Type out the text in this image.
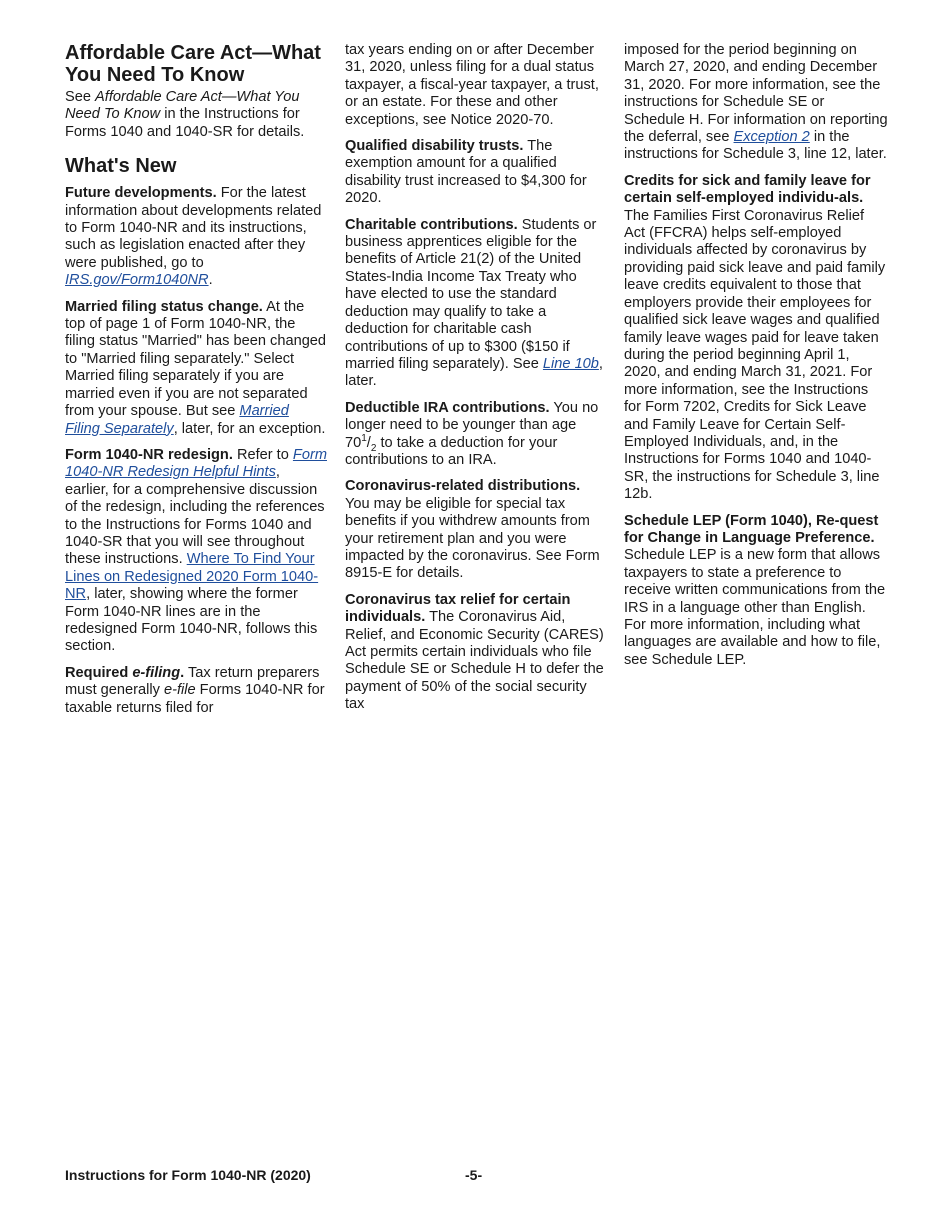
Affordable Care Act—What You Need To Know

See Affordable Care Act—What You Need To Know in the Instructions for Forms 1040 and 1040-SR for details.

What's New

Future developments. For the latest information about developments related to Form 1040-NR and its instructions, such as legislation enacted after they were published, go to IRS.gov/Form1040NR.

Married filing status change. At the top of page 1 of Form 1040-NR, the filing status "Married" has been changed to "Married filing separately." Select Married filing separately if you are married even if you are not separated from your spouse. But see Married Filing Separately, later, for an exception.

Form 1040-NR redesign. Refer to Form 1040-NR Redesign Helpful Hints, earlier, for a comprehensive discussion of the redesign, including the references to the Instructions for Forms 1040 and 1040-SR that you will see throughout these instructions. Where To Find Your Lines on Redesigned 2020 Form 1040-NR, later, showing where the former Form 1040-NR lines are in the redesigned Form 1040-NR, follows this section.

Required e-filing. Tax return preparers must generally e-file Forms 1040-NR for taxable returns filed for

tax years ending on or after December 31, 2020, unless filing for a dual status taxpayer, a fiscal-year taxpayer, a trust, or an estate. For these and other exceptions, see Notice 2020-70.

Qualified disability trusts. The exemption amount for a qualified disability trust increased to $4,300 for 2020.

Charitable contributions. Students or business apprentices eligible for the benefits of Article 21(2) of the United States-India Income Tax Treaty who have elected to use the standard deduction may qualify to take a deduction for charitable cash contributions of up to $300 ($150 if married filing separately). See Line 10b, later.

Deductible IRA contributions. You no longer need to be younger than age $70^1/_2$ to take a deduction for your contributions to an IRA.

Coronavirus-related distributions. You may be eligible for special tax benefits if you withdrew amounts from your retirement plan and you were impacted by the coronavirus. See Form 8915-E for details.

Coronavirus tax relief for certain individuals. The Coronavirus Aid, Relief, and Economic Security (CARES) Act permits certain individuals who file Schedule SE or Schedule H to defer the payment of 50% of the social security tax

imposed for the period beginning on March 27, 2020, and ending December 31, 2020. For more information, see the instructions for Schedule SE or Schedule H. For information on reporting the deferral, see Exception 2 in the instructions for Schedule 3, line 12, later.

Credits for sick and family leave for certain self-employed individu-als. The Families First Coronavirus Relief Act (FFCRA) helps self-employed individuals affected by coronavirus by providing paid sick leave and paid family leave credits equivalent to those that employers provide their employees for qualified sick leave wages and qualified family leave wages paid for leave taken during the period beginning April 1, 2020, and ending March 31, 2021. For more information, see the Instructions for Form 7202, Credits for Sick Leave and Family Leave for Certain Self-Employed Individuals, and, in the Instructions for Forms 1040 and 1040-SR, the instructions for Schedule 3, line 12b.

Schedule LEP (Form 1040), Re-quest for Change in Language Preference. Schedule LEP is a new form that allows taxpayers to state a preference to receive written communications from the IRS in a language other than English. For more information, including what languages are available and how to file, see Schedule LEP.

Instructions for Form 1040-NR (2020)	-5-
